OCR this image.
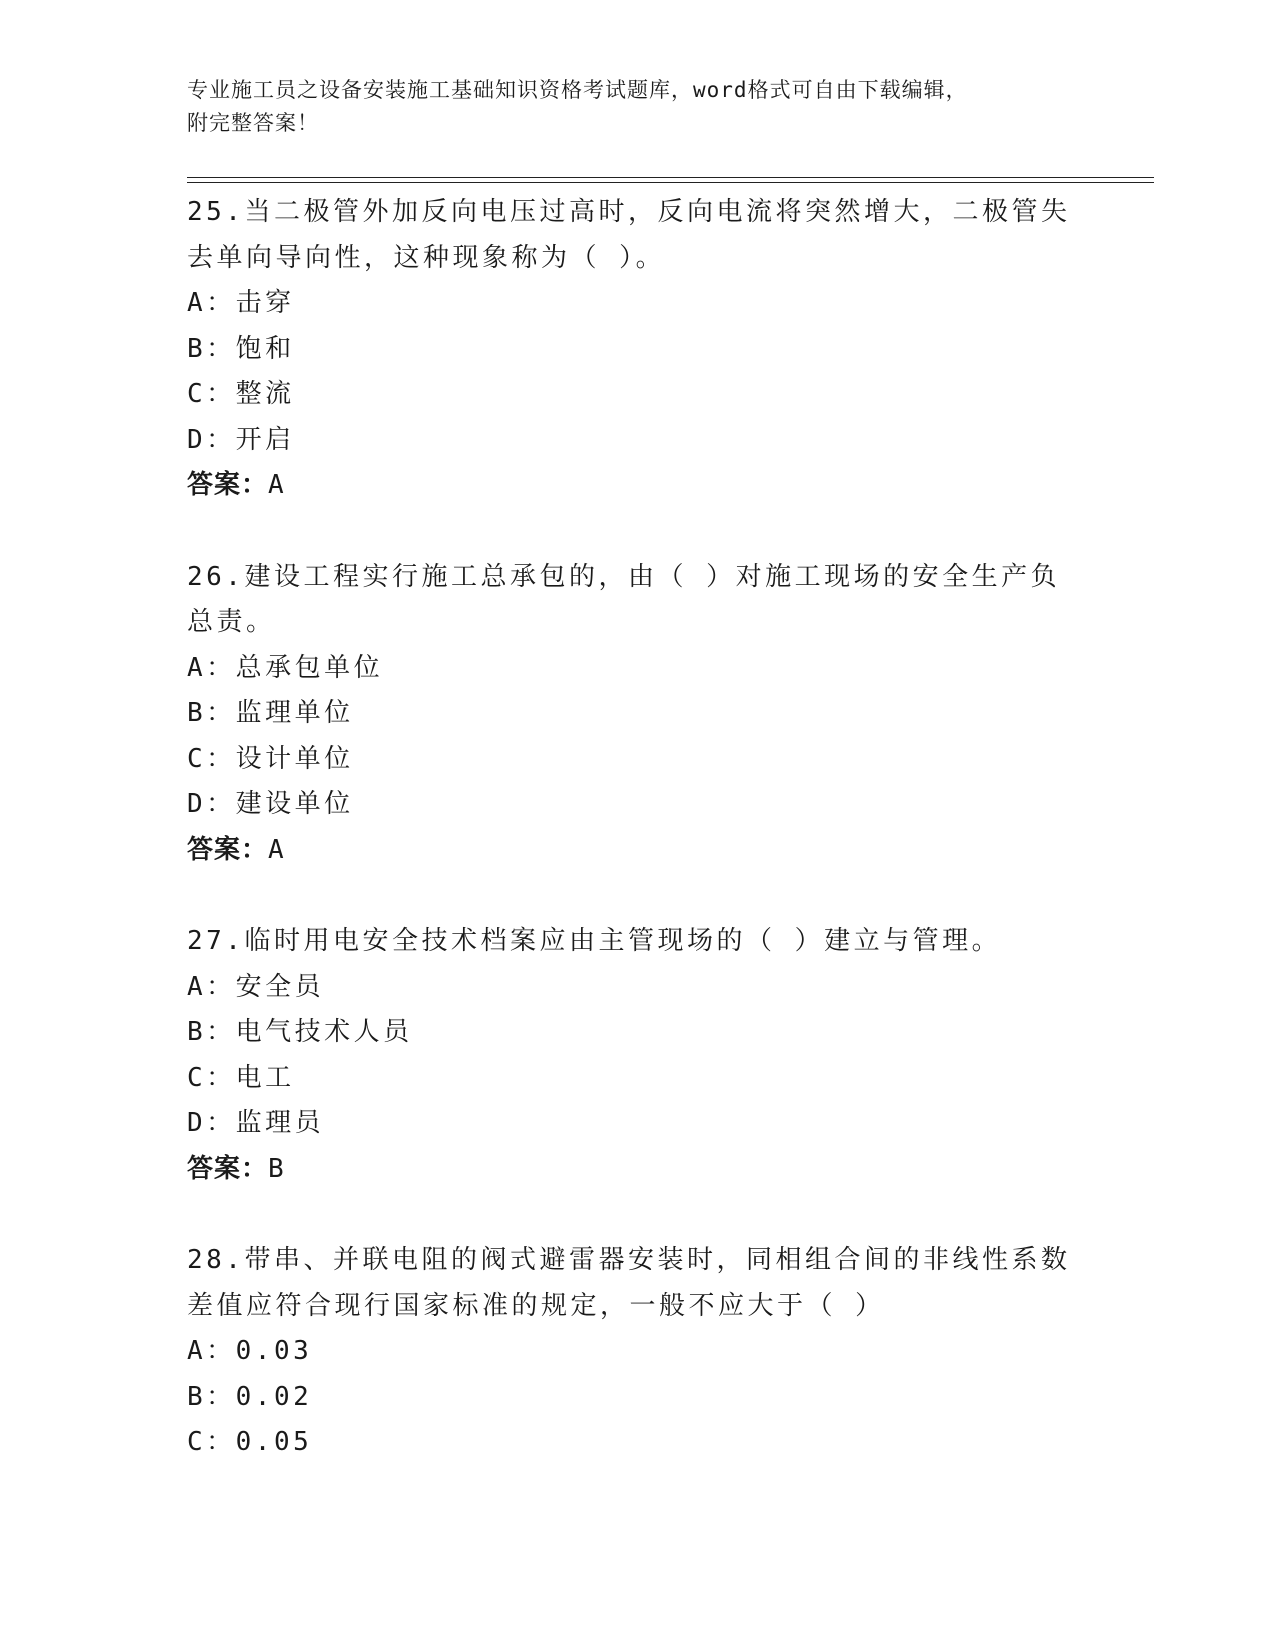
专业施工员之设备安装施工基础知识资格考试题库，word格式可自由下载编辑，
附完整答案！
25.当二极管外加反向电压过高时，反向电流将突然增大，二极管失去单向导向性，这种现象称为（ ）。
A：击穿
B：饱和
C：整流
D：开启
答案：A
26.建设工程实行施工总承包的，由（ ）对施工现场的安全生产负总责。
A：总承包单位
B：监理单位
C：设计单位
D：建设单位
答案：A
27.临时用电安全技术档案应由主管现场的（ ）建立与管理。
A：安全员
B：电气技术人员
C：电工
D：监理员
答案：B
28.带串、并联电阻的阀式避雷器安装时，同相组合间的非线性系数差值应符合现行国家标准的规定，一般不应大于（ ）
A：0.03
B：0.02
C：0.05
